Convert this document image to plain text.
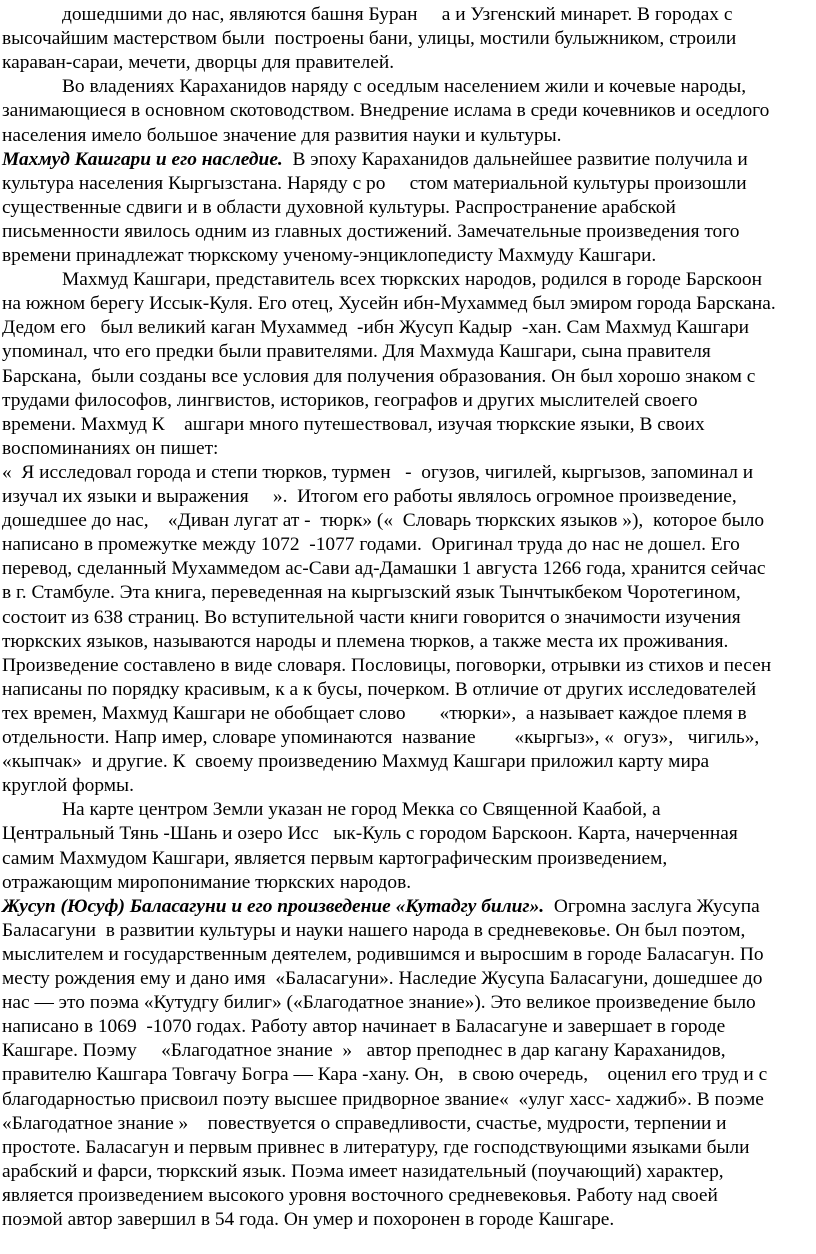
дошедшими до нас, являются башня Буран     а и Узгенский минарет. В городах с
высочайшим мастерством были  построены бани, улицы, мостили булыжником, строили
караван-сараи, мечети, дворцы для правителей.
Во владениях Караханидов наряду с оседлым населением жили и кочевые народы,
занимающиеся в основном скотоводством. Внедрение ислама в среди кочевников и оседлого
населения имело большое значение для развития науки и культуры.
Махмуд Кашгари и его наследие.  В эпоху Караханидов дальнейшее развитие получила и
культура населения Кыргызстана. Наряду с ро     стом материальной культуры произошли
существенные сдвиги и в области духовной культуры. Распространение арабской
письменности явилось одним из главных достижений. Замечательные произведения того
времени принадлежат тюркскому ученому-энциклопедисту Махмуду Кашгари.
Махмуд Кашгари, представитель всех тюркских народов, родился в городе Барскоон
на южном берегу Иссык-Куля. Его отец, Хусейн ибн-Мухаммед был эмиром города Барскана.
Дедом его   был великий каган Мухаммед  -ибн Жусуп Кадыр  -хан. Сам Махмуд Кашгари
упоминал, что его предки были правителями. Для Махмуда Кашгари, сына правителя
Барскана,  были созданы все условия для получения образования. Он был хорошо знаком с
трудами философов, лингвистов, историков, географов и других мыслителей своего
времени. Махмуд К    ашгари много путешествовал, изучая тюркские языки, В своих
воспоминаниях он пишет:
«  Я исследовал города и степи тюрков, турмен   -  огузов, чигилей, кыргызов, запоминал и
изучал их языки и выражения     ».  Итогом его работы являлось огромное произведение,
дошедшее до нас,    «Диван лугат ат -  тюрк» («  Словарь тюркских языков »),  которое было
написано в промежутке между 1072  -1077 годами.  Оригинал труда до нас не дошел. Его
перевод, сделанный Мухаммедом ас-Сави ад-Дамашки 1 августа 1266 года, хранится сейчас
в г. Стамбуле. Эта книга, переведенная на кыргызский язык Тынчтыкбеком Чоротегином,
состоит из 638 страниц. Во вступительной части книги говорится о значимости изучения
тюркских языков, называются народы и племена тюрков, а также места их проживания.
Произведение составлено в виде словаря. Пословицы, поговорки, отрывки из стихов и песен
написаны по порядку красивым, к а к бусы, почерком. В отличие от других исследователей
тех времен, Махмуд Кашгари не обобщает слово       «тюрки»,  а называет каждое племя в
отдельности. Напр имер, словаре упоминаются  название        «кыргыз», «  огуз»,   чигиль»,
«кыпчак»  и другие. К  своему произведению Махмуд Кашгари приложил карту мира
круглой формы.
На карте центром Земли указан не город Мекка со Священной Каабой, а
Центральный Тянь -Шань и озеро Исс   ык-Куль с городом Барскоон. Карта, начерченная
самим Махмудом Кашгари, является первым картографическим произведением,
отражающим миропонимание тюркских народов.
Жусуп (Юсуф) Баласагуни и его произведение «Кутадгу билиг».  Огромна заслуга Жусупа
Баласагуни  в развитии культуры и науки нашего народа в средневековье. Он был поэтом,
мыслителем и государственным деятелем, родившимся и выросшим в городе Баласагун. По
месту рождения ему и дано имя  «Баласагуни». Наследие Жусупа Баласагуни, дошедшее до
нас — это поэма «Кутудгу билиг» («Благодатное знание»). Это великое произведение было
написано в 1069  -1070 годах. Работу автор начинает в Баласагуне и завершает в городе
Кашгаре. Поэму     «Благодатное знание  »   автор преподнес в дар кагану Караханидов,
правителю Кашгара Товгачу Богра — Кара -хану. Он,   в свою очередь,    оценил его труд и с
благодарностью присвоил поэту высшее придворное звание«  «улуг хасс- хаджиб». В поэме
«Благодатное знание »    повествуется о справедливости, счастье, мудрости, терпении и
простоте. Баласагун и первым привнес в литературу, где господствующими языками были
арабский и фарси, тюркский язык. Поэма имеет назидательный (поучающий) характер,
является произведением высокого уровня восточного средневековья. Работу над своей
поэмой автор завершил в 54 года. Он умер и похоронен в городе Кашгаре.
